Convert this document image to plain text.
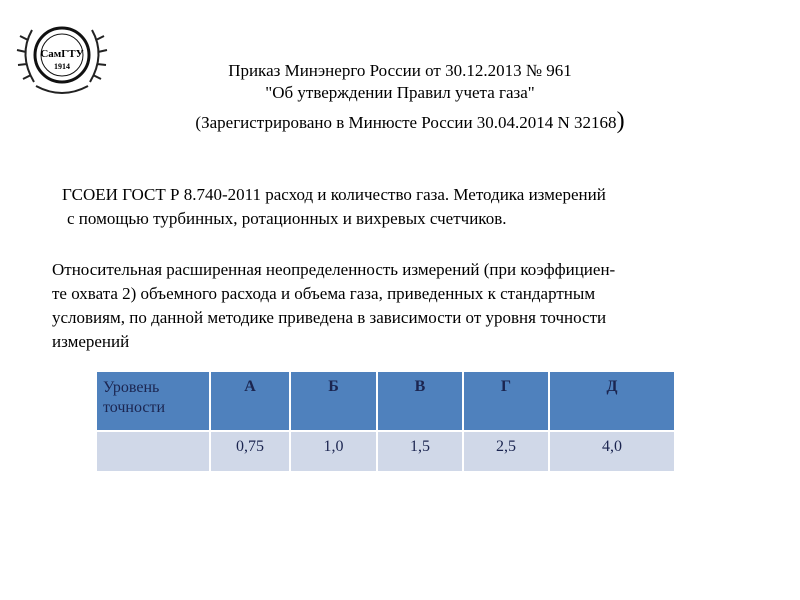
СамГТУ
1914	Приказ Минэнерго России от 30.12.2013 № 961
"Об утверждении Правил учета газа"
(Зарегистрировано в Минюсте России 30.04.2014 N 32168)
ГСОЕИ ГОСТ Р 8.740-2011 расход и количество газа. Методика измерений
с помощью турбинных, ротационных и вихревых счетчиков.
Относительная расширенная неопределенность измерений (при коэффициен-
те охвата 2) объемного расхода и объема газа, приведенных к стандартным
условиям, по данной методике приведена в зависимости от уровня точности
измерений
Уровень точности	А	Б	В	Г	Д
	0,75	1,0	1,5	2,5	4,0
